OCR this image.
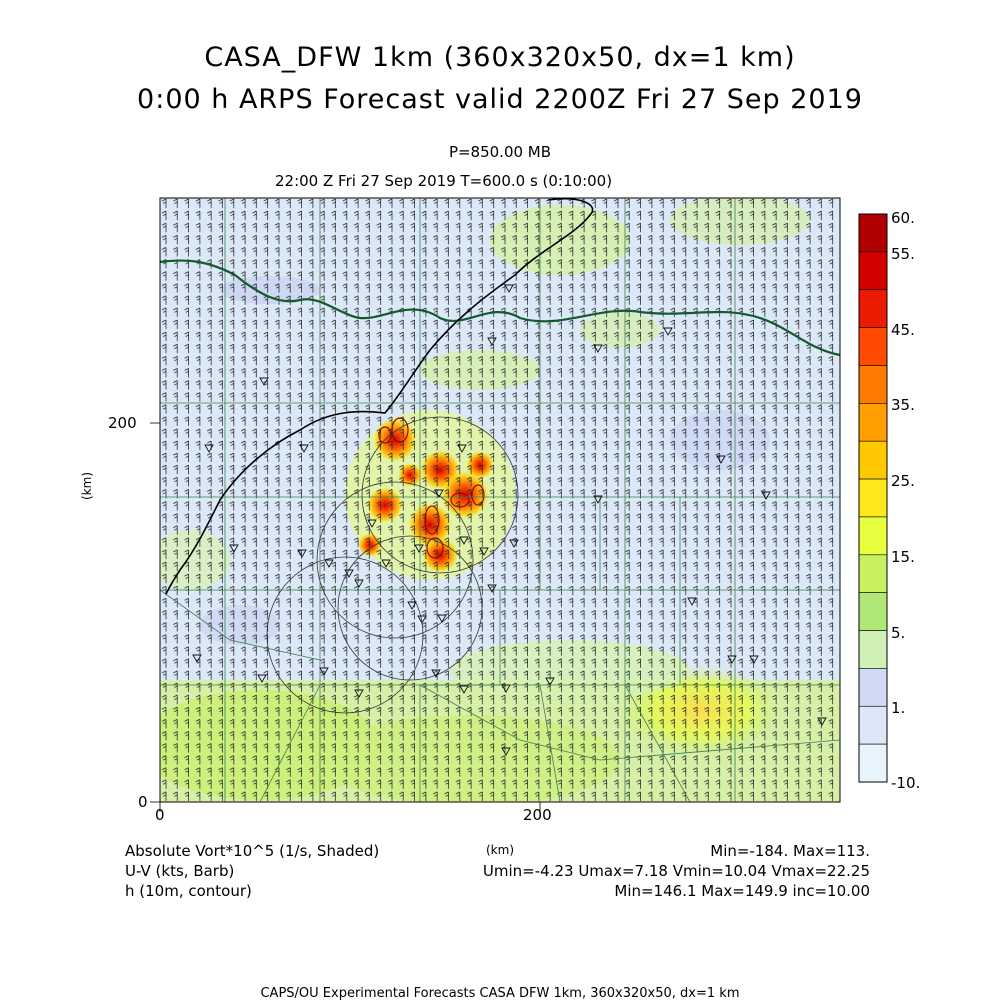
CASA_DFW 1km (360x320x50, dx=1 km)
0:00 h ARPS Forecast valid 2200Z Fri 27 Sep 2019
P=850.00 MB
22:00 Z Fri 27 Sep 2019 T=600.0 s (0:10:00)
200
0
0	200
(km)
(km)
60.
55.
45.
35.
25.
15.
5.
1.
-10.
Absolute Vort*10^5 (1/s, Shaded)
U-V (kts, Barb)
h (10m, contour)
Min=-184. Max=113.
Umin=-4.23 Umax=7.18 Vmin=10.04 Vmax=22.25
Min=146.1 Max=149.9 inc=10.00
CAPS/OU Experimental Forecasts CASA DFW 1km, 360x320x50, dx=1 km
